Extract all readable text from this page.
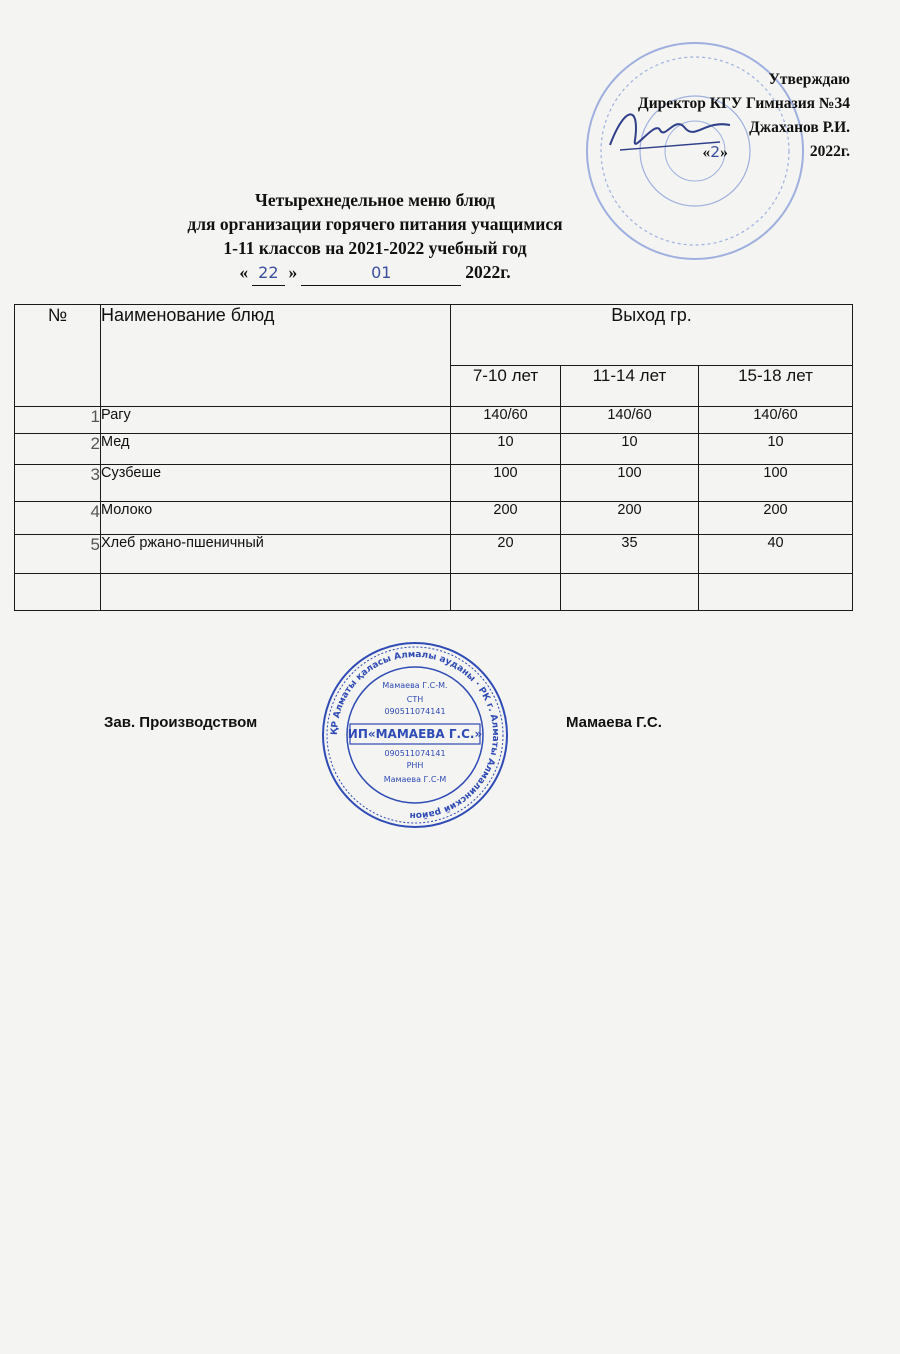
Утверждаю
Директор КГУ Гимназия №34
Джаханов Р.И.
«2»	2022г.
Четырехнедельное меню блюд
для организации горячего питания учащимися
1-11 классов на 2021-2022 учебный год
« 22 »	01	2022г.
№	Наименование блюд	Выход гр.		
		7-10 лет	11-14 лет	15-18 лет
1	Рагу	140/60	140/60	140/60
2	Мед	10	10	10
3	Сузбеше	100	100	100
4	Молоко	200	200	200
5	Хлеб ржано-пшеничный	20	35	40

Зав. Производством	Мамаева Г.С.
ҚР Алматы қаласы Алмалы ауданы · РК г. Алматы Алмалинский район
Мамаева Г.С-М.
СТН
090511074141
ИП«МАМАЕВА Г.С.»
090511074141
РНН
Мамаева Г.С-М
